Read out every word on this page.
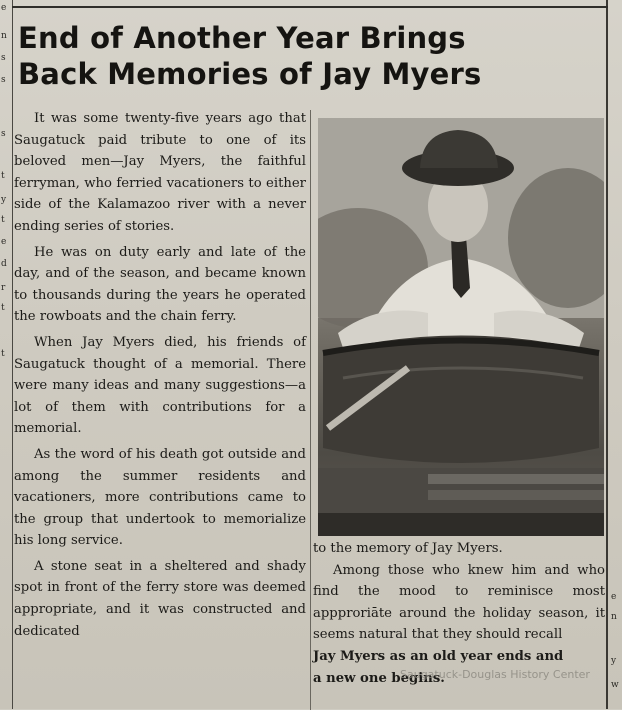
e
n
s
s
s
t
y
t
e
d
r
t
t
e
n
y
w
End of Another Year Brings
Back Memories of Jay Myers

It was some twenty-five years ago that Saugatuck paid tribute to one of its beloved men—Jay Myers, the faithful ferryman, who ferried vacationers to either side of the Kalamazoo river with a never ending series of stories.

He was on duty early and late of the day, and of the season, and became known to thousands during the years he operated the rowboats and the chain ferry.

When Jay Myers died, his friends of Saugatuck thought of a memorial. There were many ideas and many suggestions—a lot of them with contributions for a memorial.

As the word of his death got outside and among the summer residents and vacationers, more contributions came to the group that undertook to memorialize his long service.

A stone seat in a sheltered and shady spot in front of the ferry store was deemed appropriate, and it was constructed and dedicated

to the memory of Jay Myers.

Among those who knew him and who find the mood to reminisce most appproriāte around the holiday season, it seems natural that they should recall

Jay Myers as an old year ends and

a new one begins.

Saugatuck-Douglas History Center
